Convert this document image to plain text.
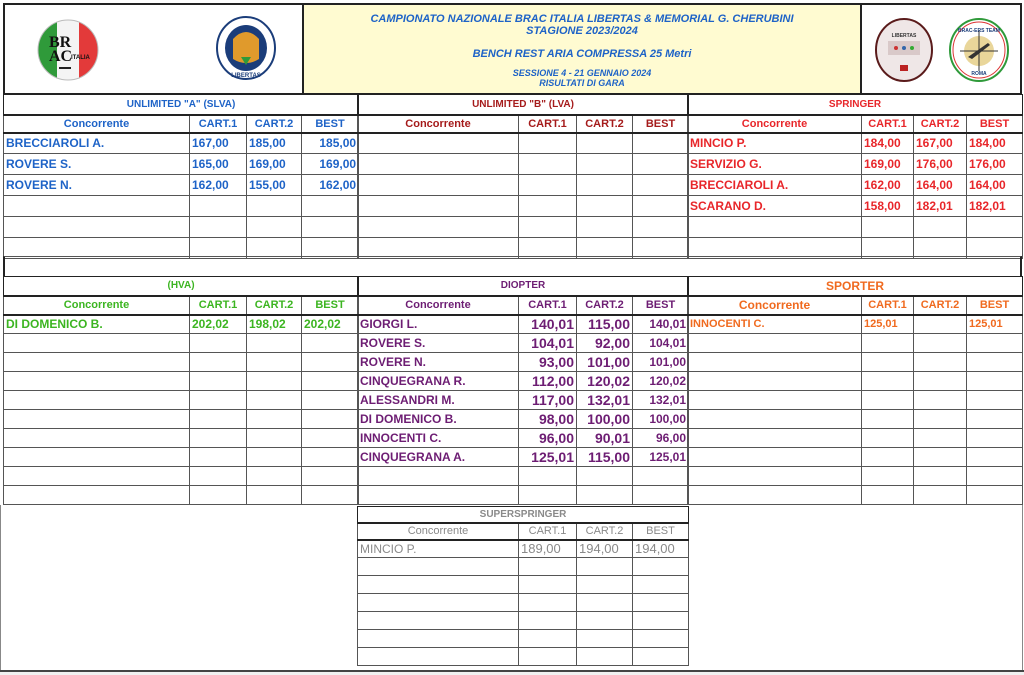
BR
AC
ITALIA
LIBERTAS
CAMPIONATO NAZIONALE BRAC ITALIA LIBERTAS & MEMORIAL G. CHERUBINI
STAGIONE 2023/2024
BENCH REST ARIA COMPRESSA 25 Metri
SESSIONE 4 - 21 GENNAIO 2024
RISULTATI DI GARA
LIBERTAS
BRAC-ERS TEAM
ROMA
UNLIMITED "A" (SLVA)			
Concorrente	CART.1	CART.2	BEST
BRECCIAROLI A.	167,00	185,00	185,00
ROVERE S.	165,00	169,00	169,00
ROVERE N.	162,00	155,00	162,00

UNLIMITED "B" (LVA)			
Concorrente	CART.1	CART.2	BEST

SPRINGER			
Concorrente	CART.1	CART.2	BEST
MINCIO P.	184,00	167,00	184,00
SERVIZIO G.	169,00	176,00	176,00
BRECCIAROLI A.	162,00	164,00	164,00
SCARANO D.	158,00	182,01	182,01

(HVA)			
Concorrente	CART.1	CART.2	BEST
DI DOMENICO B.	202,02	198,02	202,02

DIOPTER			
Concorrente	CART.1	CART.2	BEST
GIORGI L.	140,01	115,00	140,01
ROVERE S.	104,01	92,00	104,01
ROVERE N.	93,00	101,00	101,00
CINQUEGRANA R.	112,00	120,02	120,02
ALESSANDRI M.	117,00	132,01	132,01
DI DOMENICO B.	98,00	100,00	100,00
INNOCENTI C.	96,00	90,01	96,00
CINQUEGRANA A.	125,01	115,00	125,01

SPORTER			
Concorrente	CART.1	CART.2	BEST
INNOCENTI C.	125,01		125,01

SUPERSPRINGER			
Concorrente	CART.1	CART.2	BEST
MINCIO P.	189,00	194,00	194,00
